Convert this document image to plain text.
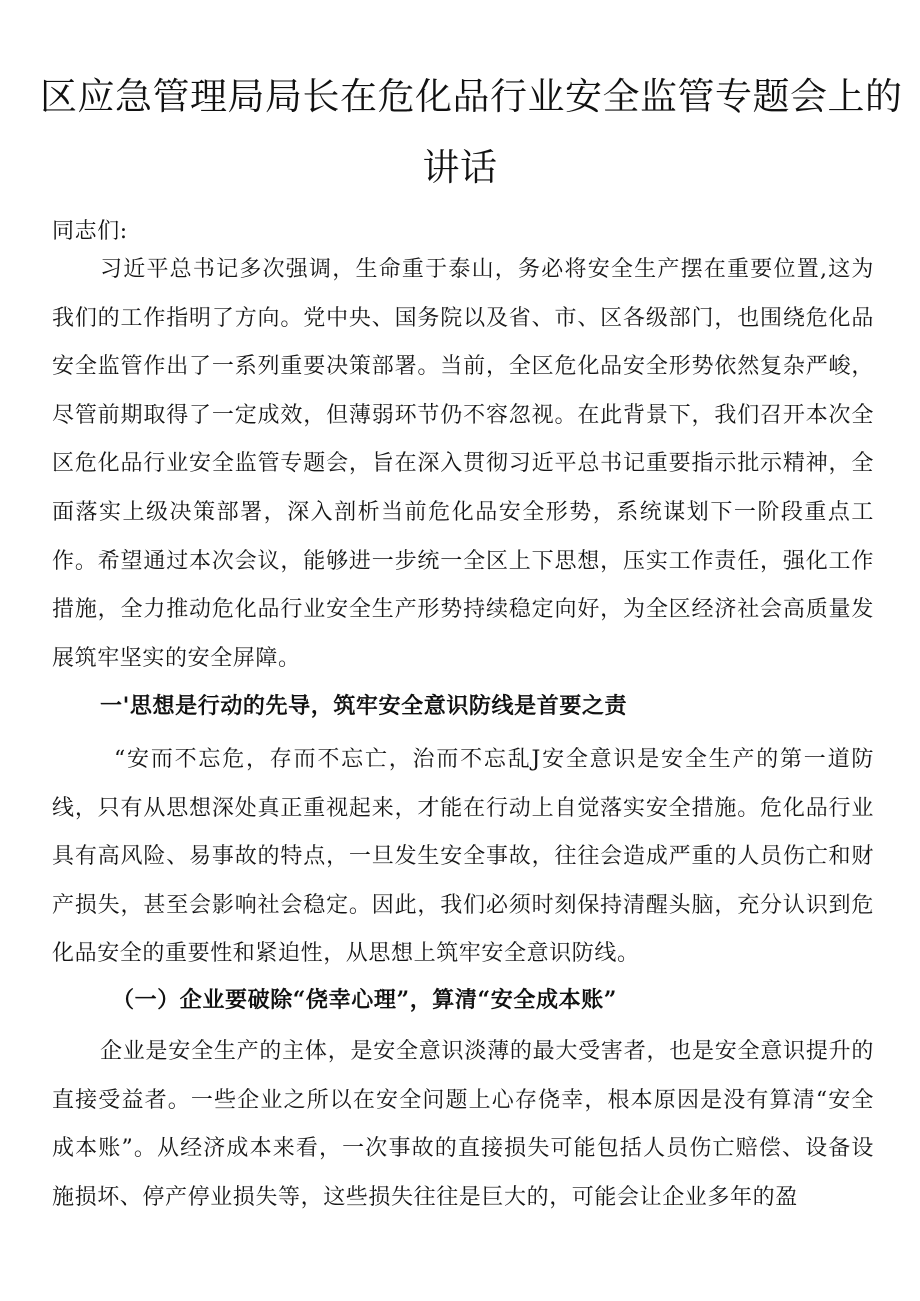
区应急管理局局长在危化品行业安全监管专题会上的
讲话

同志们:

习近平总书记多次强调，生命重于泰山，务必将安全生产摆在重要位置,这为我们的工作指明了方向。党中央、国务院以及省、市、区各级部门，也围绕危化品安全监管作出了一系列重要决策部署。当前，全区危化品安全形势依然复杂严峻，尽管前期取得了一定成效，但薄弱环节仍不容忽视。在此背景下，我们召开本次全区危化品行业安全监管专题会，旨在深入贯彻习近平总书记重要指示批示精神，全面落实上级决策部署，深入剖析当前危化品安全形势，系统谋划下一阶段重点工作。希望通过本次会议，能够进一步统一全区上下思想，压实工作责任，强化工作措施，全力推动危化品行业安全生产形势持续稳定向好，为全区经济社会高质量发展筑牢坚实的安全屏障。

一'思想是行动的先导，筑牢安全意识防线是首要之责

“安而不忘危，存而不忘亡，治而不忘乱J安全意识是安全生产的第一道防线，只有从思想深处真正重视起来，才能在行动上自觉落实安全措施。危化品行业具有高风险、易事故的特点，一旦发生安全事故，往往会造成严重的人员伤亡和财产损失，甚至会影响社会稳定。因此，我们必须时刻保持清醒头脑，充分认识到危化品安全的重要性和紧迫性，从思想上筑牢安全意识防线。

（一）企业要破除“侥幸心理”，算清“安全成本账”

企业是安全生产的主体，是安全意识淡薄的最大受害者，也是安全意识提升的直接受益者。一些企业之所以在安全问题上心存侥幸，根本原因是没有算清“安全成本账”。从经济成本来看，一次事故的直接损失可能包括人员伤亡赔偿、设备设施损坏、停产停业损失等，这些损失往往是巨大的，可能会让企业多年的盈
